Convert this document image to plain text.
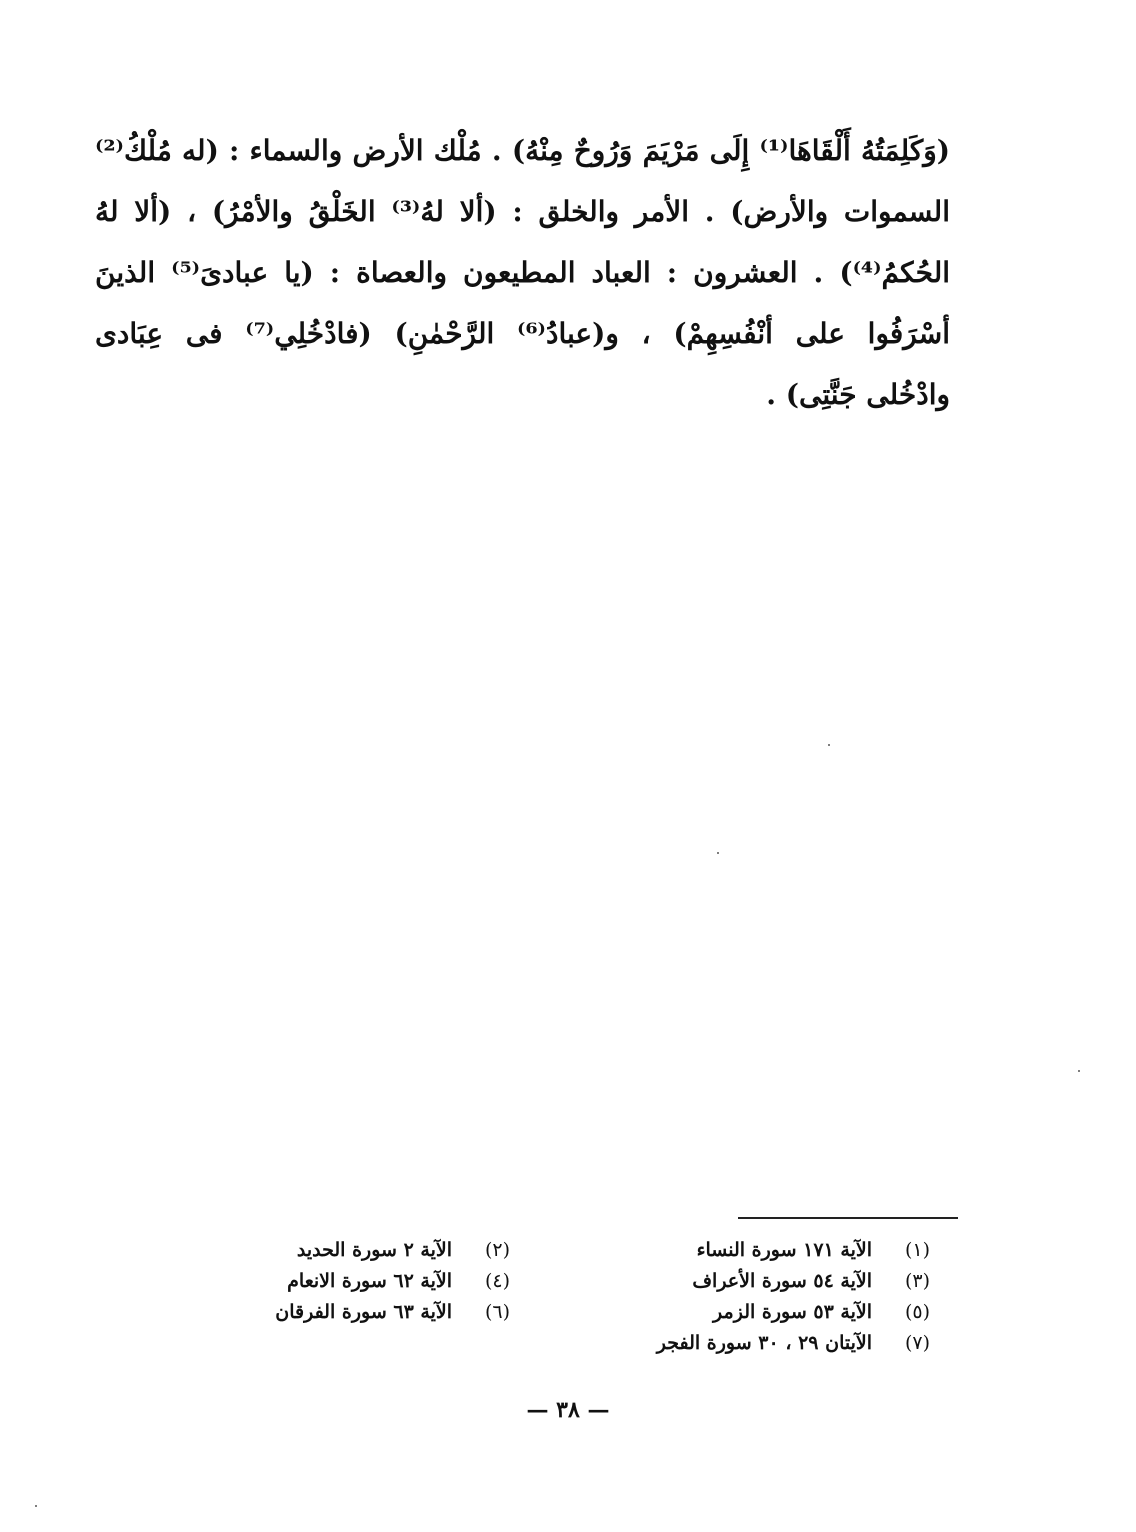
(وَكَلِمَتُهُ أَلْقَاهَا⁽¹⁾ إِلَى مَرْيَمَ وَرُوحٌ مِنْهُ) . مُلْك الأرض والسماء : (له مُلْكُ⁽²⁾
السموات والأرض) . الأمر والخلق : (ألا لهُ⁽³⁾ الخَلْقُ والأمْرُ) ، (ألا لهُ
الحُكمُ⁽⁴⁾) . العشرون : العباد المطيعون والعصاة : (يا عبادىَ⁽⁵⁾ الذينَ
أسْرَفُوا على أنْفُسِهِمْ) ، و(عبادُ⁽⁶⁾ الرَّحْمٰنِ) (فادْخُلِي⁽⁷⁾ فى عِبَادى
وادْخُلى جَنَّتِى) .
(١)
الآية ١٧١ سورة النساء
(٣)
الآية ٥٤ سورة الأعراف
(٥)
الآية ٥٣ سورة الزمر
(٧)
الآيتان ٢٩ ، ٣٠ سورة الفجر
(٢)
الآية ٢ سورة الحديد
(٤)
الآية ٦٢ سورة الانعام
(٦)
الآية ٦٣ سورة الفرقان
— ٣٨ —
